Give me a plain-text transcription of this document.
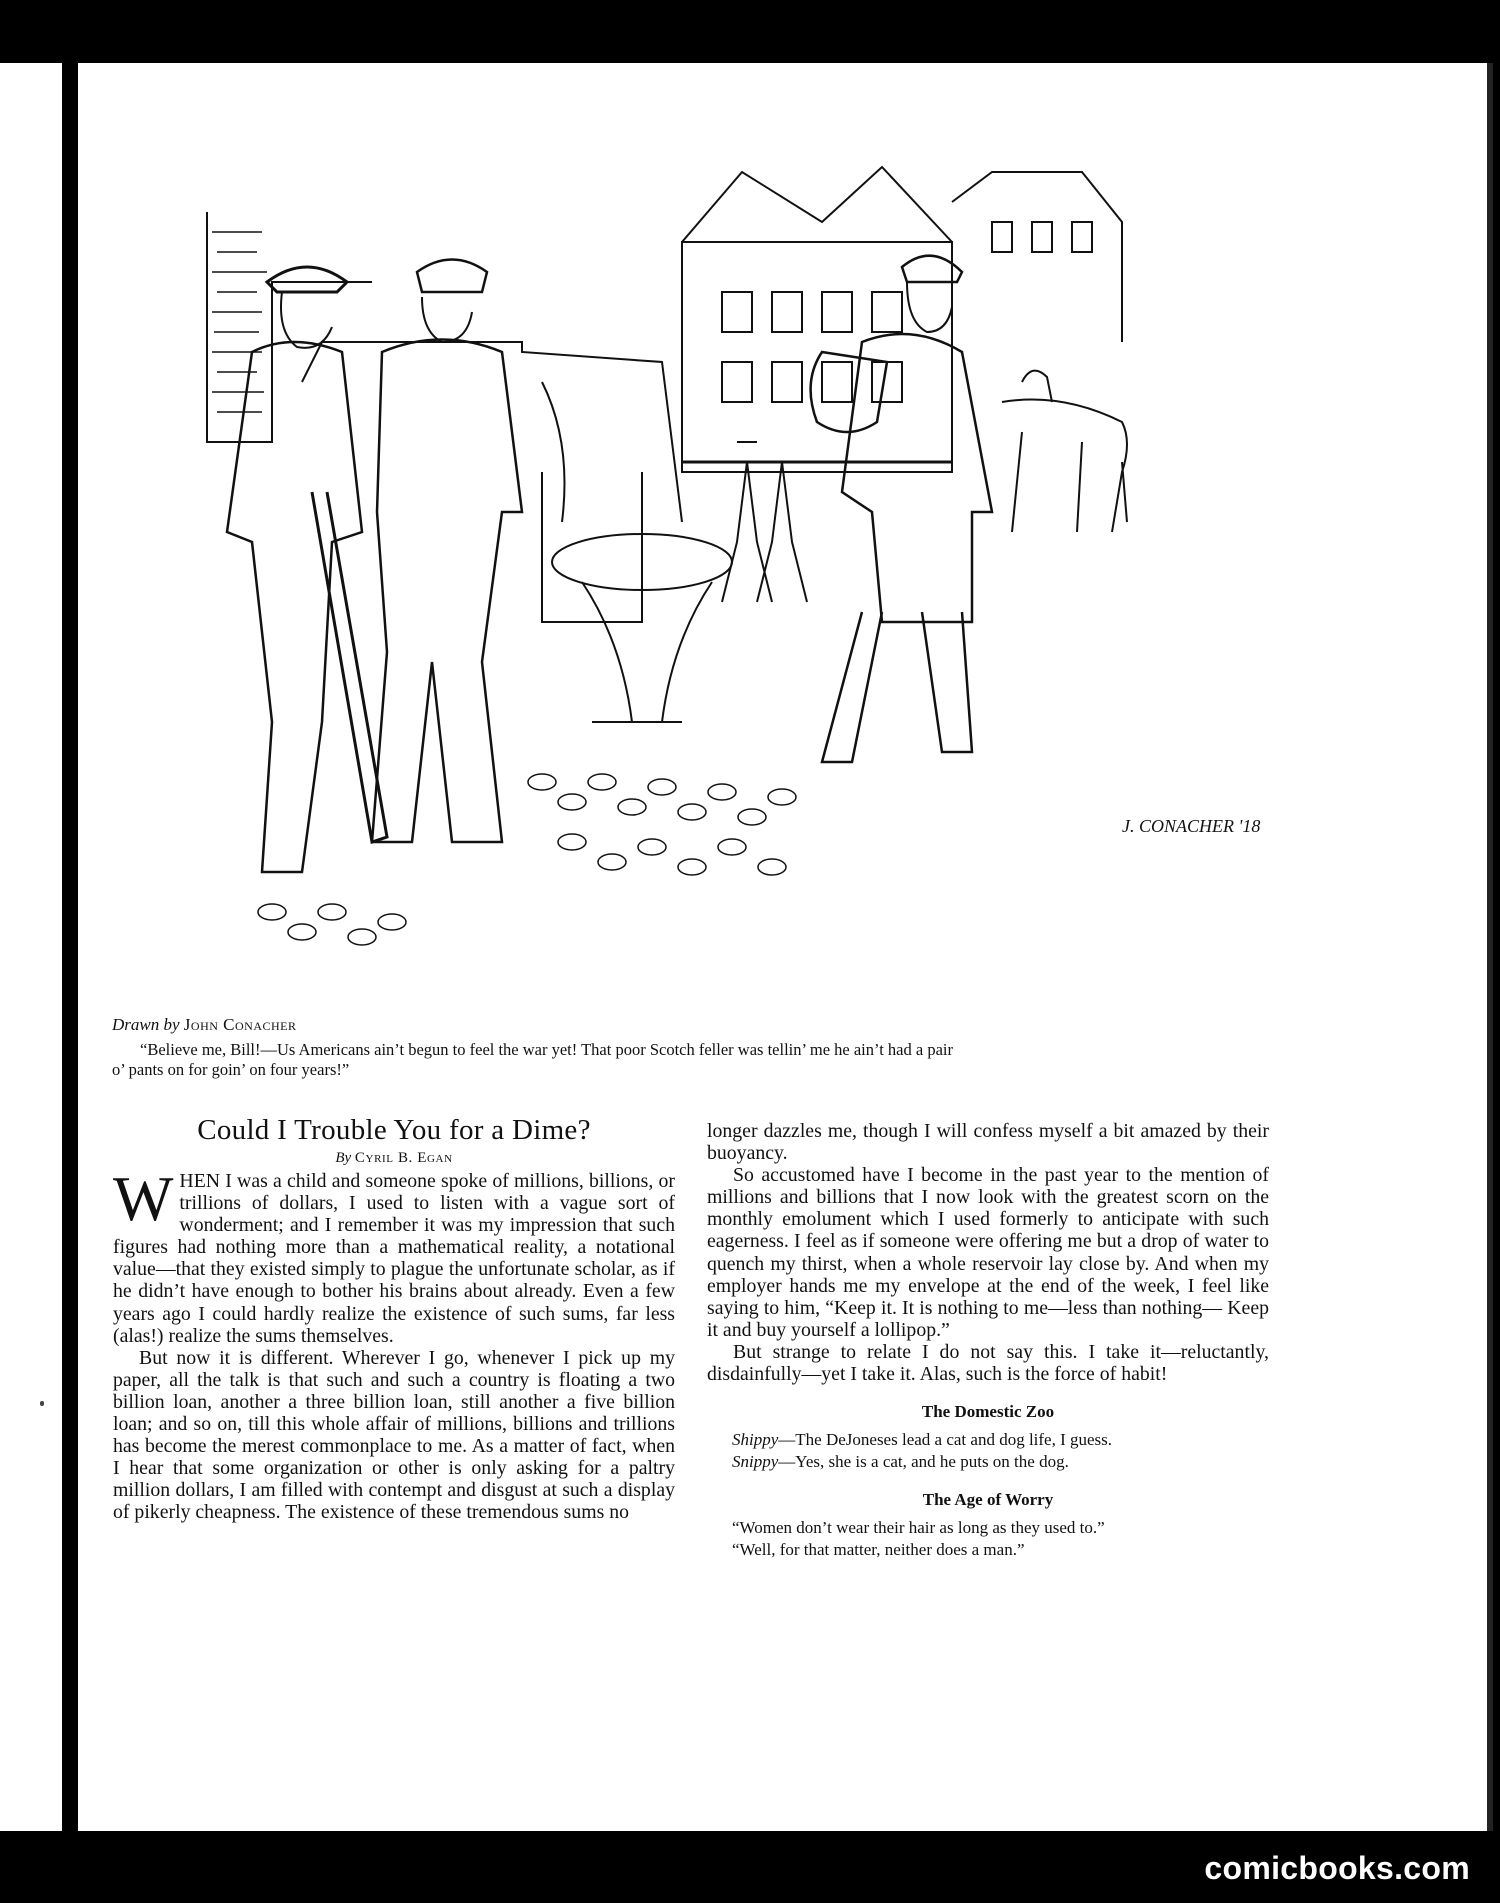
J. CONACHER '18
Drawn by John Conacher
“Believe me, Bill!—Us Americans ain’t begun to feel the war yet! That poor Scotch feller was tellin’ me he ain’t had a pair
o’ pants on for goin’ on four years!”
Could I Trouble You for a Dime?
By Cyril B. Egan

WHEN I was a child and someone spoke of millions, billions, or trillions of dollars, I used to listen with a vague sort of wonderment; and I remember it was my impression that such figures had nothing more than a mathematical reality, a notational value—that they existed simply to plague the unfortunate scholar, as if he didn’t have enough to bother his brains about already. Even a few years ago I could hardly realize the existence of such sums, far less (alas!) realize the sums themselves.

But now it is different. Wherever I go, whenever I pick up my paper, all the talk is that such and such a country is floating a two billion loan, another a three billion loan, still another a five billion loan; and so on, till this whole affair of millions, billions and trillions has become the merest commonplace to me. As a matter of fact, when I hear that some organization or other is only asking for a paltry million dollars, I am filled with contempt and disgust at such a display of pikerly cheapness. The existence of these tremendous sums no

longer dazzles me, though I will confess myself a bit amazed by their buoyancy.

So accustomed have I become in the past year to the mention of millions and billions that I now look with the greatest scorn on the monthly emolument which I used formerly to anticipate with such eagerness. I feel as if someone were offering me but a drop of water to quench my thirst, when a whole reservoir lay close by. And when my employer hands me my envelope at the end of the week, I feel like saying to him, “Keep it. It is nothing to me—less than nothing— Keep it and buy yourself a lollipop.”

But strange to relate I do not say this. I take it—reluctantly, disdainfully—yet I take it. Alas, such is the force of habit!

The Domestic Zoo

Shippy—The DeJoneses lead a cat and dog life, I guess.

Snippy—Yes, she is a cat, and he puts on the dog.

The Age of Worry

“Women don’t wear their hair as long as they used to.”

“Well, for that matter, neither does a man.”

comicbooks.com
